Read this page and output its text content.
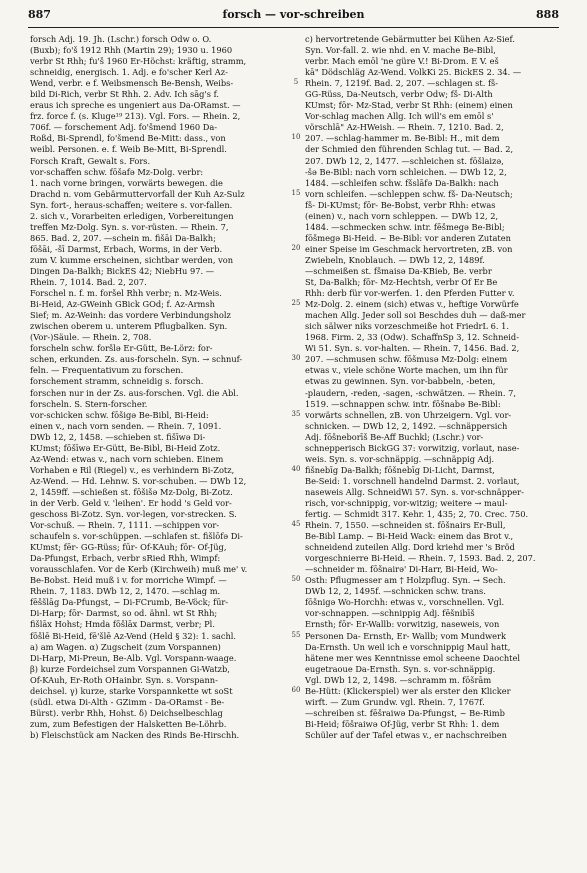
887	forsch — vor-schreiben	888
forsch Adj. 19. Jh. (Lschr.) forsch Odw o. O.
(Buxb); fo'š 1912 Rhh (Martin 29); 1930 u. 1960
verbr St Rhh; fu'š 1960 Er-Höchst: kräftig, stramm,
schneidig, energisch. 1. Adj. e fo'scher Kerl Az-
Wend, verbr. e f. Weibsmensch Be-Bensh, Weibs-
bild Di-Rich, verbr St Rhh. 2. Adv. Ich sāg's f.
eraus ich spreche es ungeniert aus Da-ORamst. —
frz. force f. (s. Kluge¹⁹ 213). Vgl. Fors. — Rhein. 2,
706f. — forschement Adj. fo'šmend 1960 Da-
Roßd, Bi-Sprendl, fo'šmend Be-Mitt: dass., von
weibl. Personen. e. f. Weib Be-Mitt, Bi-Sprendl.
Forsch Kraft, Gewalt s. Fors.
vor-schaffen schw. fōšafə Mz-Dolg. verbr:
1. nach vorne bringen, vorwärts bewegen. die
Drachd n. vom Gebärmuttervorfall der Kuh Az-Sulz
Syn. fort-, heraus-schaffen; weitere s. vor-fallen.
2. sich v., Vorarbeiten erledigen, Vorbereitungen
treffen Mz-Dolg. Syn. s. vor-rüsten. — Rhein. 7,
865. Bad. 2, 207. —schein m. fišāi Da-Balkh;
fōšāi, -šī Darmst, Erbach, Worms, in der Verb.
zum V. kumme erscheinen, sichtbar werden, von
Dingen Da-Balkh; BickES 42; NiebHu 97. —
Rhein. 7, 1014. Bad. 2, 207.
Forschel n. f. m. foršel Rhh verbr; n. Mz-Weis.
Bi-Heid, Az-GWeinh GBick GOd; f. Az-Armsh
Sief; m. Az-Weinh: das vordere Verbindungsholz
zwischen oberem u. unterem Pflugbalken. Syn.
(Vor-)Säule. — Rhein. 2, 708.
forscheln schw. foršlə Er-Gütt, Be-Lörz: for-
schen, erkunden. Zs. aus-forscheln. Syn. → schnuf-
feln. — Frequentativum zu forschen.
forschement stramm, schneidig s. forsch.
forschen nur in der Zs. aus-forschen. Vgl. die Abl.
forscheln. S. Stern-forscher.
vor-schicken schw. fōšigə Be-Bibl, Bi-Heid:
einen v., nach vorn senden. — Rhein. 7, 1091.
DWb 12, 2, 1458. —schieben st. fišīwə Di-
KUmst; fōšīwə Er-Gütt, Be-Bibl, Bi-Heid Zotz.
Az-Wend: etwas v., nach vorn schieben. Einem
Vorhaben e Ril (Riegel) v., es verhindern Bi-Zotz,
Az-Wend. — Hd. Lehnw. S. vor-schuben. — DWb 12,
2, 1459ff. —schießen st. fōšišə Mz-Dolg, Bi-Zotz.
in der Verb. Geld v. 'leihen'. Er hodd 's Geld vor-
geschoss Bi-Zotz. Syn. vor-legen, vor-strecken. S.
Vor-schuß. — Rhein. 7, 1111. —schippen vor-
schaufeln s. vor-schüppen. —schlafen st. fišlōfə Di-
KUmst; fēr- GG-Rüss; fūr- Of-KAuh; fōr- Of-Jüg,
Da-Pfungst, Erbach, verbr sRied Rhh, Wimpf:
vorausschlafen. Vor de Kerb (Kirchweih) muß me' v.
Be-Bobst. Heid muß i v. for morriche Wimpf. —
Rhein. 7, 1183. DWb 12, 2, 1470. —schlag m.
fēššlāg Da-Pfungst, ~ Di-FCrumb, Be-Vöck; fūr-
Di-Harp; fōr- Darmst, so od. ähnl. wt St Rhh;
fišlāx Hohst; Hmda fōšlāx Darmst, verbr; Pl.
fōšlē Bi-Heid, fē'šlē Az-Vend (Held § 32): 1. sachl.
a) am Wagen. α) Zugscheit (zum Vorspannen)
Di-Harp, Mi-Preun, Be-Alb. Vgl. Vorspann-waage.
β) kurze Fordeichsel zum Vorspannen Gi-Watzb,
Of-KAuh, Er-Roth OHainbr. Syn. s. Vorspann-
deichsel. γ) kurze, starke Vorspannkette wt soSt
(südl. etwa Di-Alth - GZimm - Da-ORamst - Be-
Bürst). verbr Rhh, Hohst. δ) Deichselbeschlag
zum, zum Befestigen der Halsketten Be-Löhrb.
b) Fleischstück am Nacken des Rinds Be-Hirschh.
5
10
15
20
25
30
35
40
45
50
55
60
c) hervortretende Gebärmutter bei Kühen Az-Sief.
Syn. Vor-fall. 2. wie nhd. en V. mache Be-Bibl,
verbr. Mach emōl 'ne güre V.! Bi-Drom. E V. eš
kā" Dödschläg Az-Wend. VolkKi 25. BickES 2. 34. —
Rhein. 7, 1219f. Bad. 2, 207. —schlagen st. fš-
GG-Rüss, Da-Neutsch, verbr Odw; fš- Di-Alth
KUmst; fōr- Mz-Stad, verbr St Rhh: (einem) einen
Vor-schlag machen Allg. Ich will's em emōl s'
vörschlā" Az-HWeish. — Rhein. 7, 1210. Bad. 2,
207. —schlag-hammer m. Be-Bibl: H., mit dem
der Schmied den führenden Schlag tut. — Bad. 2,
207. DWb 12, 2, 1477. —schleichen st. fōšlaizə,
-šə Be-Bibl: nach vorn schleichen. — DWb 12, 2,
1484. —schleifen schw. fšslāfə Da-Balkh: nach
vorn schleifen. —schleppen schw. fš- Da-Neutsch;
fš- Di-KUmst; fōr- Be-Bobst, verbr Rhh: etwas
(einen) v., nach vorn schleppen. — DWb 12, 2,
1484. —schmecken schw. intr. fēšmegə Be-Bibl;
fōšmegə Bi-Heid. ~ Be-Bibl: vor anderen Zutaten
einer Speise im Geschmack hervortreten, zB. von
Zwiebeln, Knoblauch. — DWb 12, 2, 1489f.
—schmeißen st. fšmaisə Da-KBieb, Be. verbr
St, Da-Balkh; fōr- Mz-Hechtsh, verbr Of Er Be
Rhh: derb für vor-werfen. 1. den Pferden Futter v.
Mz-Dolg. 2. einem (sich) etwas v., heftige Vorwürfe
machen Allg. Jeder soll soi Beschdes duh — daß-mer
sich sälwer niks vorzeschmeiße hot FriedrL 6. 1.
1968. Firm. 2, 33 (Odw). SchaffnSp 3, 12. Schneid-
Wi 51. Syn. s. vor-halten. — Rhein. 7, 1456. Bad. 2,
207. —schmusen schw. fōšmusə Mz-Dolg: einem
etwas v., viele schöne Worte machen, um ihn für
etwas zu gewinnen. Syn. vor-babbeln, -beten,
-plaudern, -reden, -sagen, -schwätzen. — Rhein. 7,
1519. —schnappen schw. intr. fōšnabə Be-Bibl:
vorwärts schnellen, zB. von Uhrzeigern. Vgl. vor-
schnicken. — DWb 12, 2, 1492. —schnäppersich
Adj. fōšneborīš Be-Aff Buchkl; (Lschr.) vor-
schnepperisch BickGG 37: vorwitzig, vorlaut, nase-
weis. Syn. s. vor-schnäppig. —schnäppig Adj.
fišnebīg Da-Balkh; fōšnebīg Di-Licht, Darmst,
Be-Seid: 1. vorschnell handelnd Darmst. 2. vorlaut,
naseweis Allg. SchneidWi 57. Syn. s. vor-schnäpper-
risch, vor-schnippig, vor-witzig; weitere → maul-
fertig. — Schmidt 317. Kehr. 1, 435; 2, 70. Crec. 750.
Rhein. 7, 1550. —schneiden st. fōšnairs Er-Bull,
Be-Bibl Lamp. ~ Bi-Heid Wack: einem das Brot v.,
schneidend zuteilen Allg. Dord kriehd mer 's Bröd
vorgeschnierre Bi-Heid. — Rhein. 7, 1593. Bad. 2, 207.
—schneider m. fōšnairə' Di-Harr, Bi-Heid, Wo-
Osth: Pflugmesser am † Holzpflug. Syn. → Sech.
DWb 12, 2, 1495f. —schnicken schw. trans.
fōšnigə Wo-Horchh: etwas v., vorschnellen. Vgl.
vor-schnappen. —schnippig Adj. fēšnibīš
Ernsth; fōr- Er-Wallb: vorwitzig, naseweis, von
Personen Da- Ernsth, Er- Wallb; vom Mundwerk
Da-Ernsth. Un weil ich e vorschnippig Maul hatt,
hätene mer wes Kenntnisse emol scheene Daochtel
eugetraoue Da-Ernsth. Syn. s. vor-schnäppig.
Vgl. DWb 12, 2, 1498. —schramm m. fōšrām
Be-Hütt: (Klickerspiel) wer als erster den Klicker
wirft. — Zum Grundw. vgl. Rhein. 7, 1767f.
—schreiben st. fēšraiwə Da-Pfungst, ~ Be-Rimb
Bi-Heid; fōšraiwə Of-Jüg, verbr St Rhh: 1. dem
Schüler auf der Tafel etwas v., er nachschreiben
